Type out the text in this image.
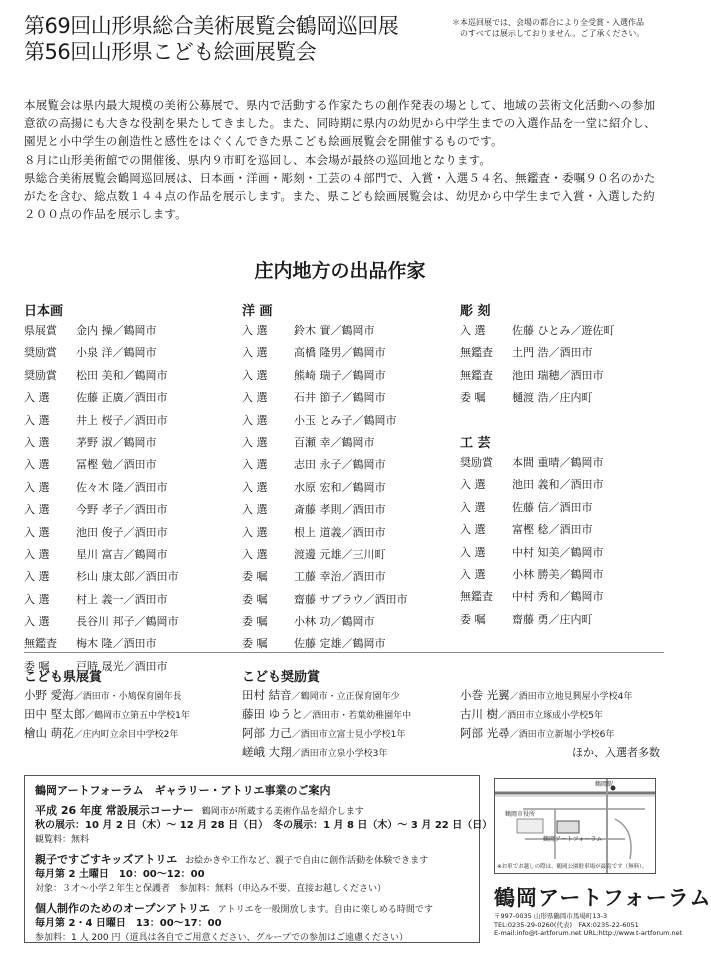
第69回山形県総合美術展覧会鶴岡巡回展
第56回山形県こども絵画展覧会
＊本巡回展では、会場の都合により全受賞・入選作品
　のすべては展示しておりません。ご了承ください。

本展覧会は県内最大規模の美術公募展で、県内で活動する作家たちの創作発表の場として、地域の芸術文化活動への参加意欲の高揚にも大きな役割を果たしてきました。また、同時期に県内の幼児から中学生までの入選作品を一堂に紹介し、園児と小中学生の創造性と感性をはぐくんできた県こども絵画展覧会を開催するものです。

８月に山形美術館での開催後、県内９市町を巡回し、本会場が最終の巡回地となります。

県総合美術展覧会鶴岡巡回展は、日本画・洋画・彫刻・工芸の４部門で、入賞・入選５４名、無鑑査・委嘱９０名のかたがたを含む、総点数１４４点の作品を展示します。また、県こども絵画展覧会は、幼児から中学生まで入賞・入選した約２００点の作品を展示します。

庄内地方の出品作家
日本画
県展賞 金内 操／鶴岡市
奨励賞 小泉 洋／鶴岡市
奨励賞 松田 美和／鶴岡市
入 選 佐藤 正廣／酒田市
入 選 井上 桜子／酒田市
入 選 茅野 淑／鶴岡市
入 選 冨樫 勉／酒田市
入 選 佐々木 隆／酒田市
入 選 今野 孝子／酒田市
入 選 池田 俊子／酒田市
入 選 星川 富吉／鶴岡市
入 選 杉山 康太郎／酒田市
入 選 村上 義一／酒田市
入 選 長谷川 邦子／鶴岡市
無鑑査 梅木 隆／酒田市
委 嘱 戸時 晟光／酒田市
洋 画
入 選 鈴木 實／鶴岡市
入 選 高橋 隆男／鶴岡市
入 選 熊崎 瑞子／鶴岡市
入 選 石井 節子／鶴岡市
入 選 小玉 とみ子／鶴岡市
入 選 百瀬 幸／鶴岡市
入 選 志田 永子／鶴岡市
入 選 水原 宏和／鶴岡市
入 選 斎藤 孝則／酒田市
入 選 根上 道義／酒田市
入 選 渡邊 元雄／三川町
委 嘱 工藤 幸治／酒田市
委 嘱 齋藤 サブラウ／酒田市
委 嘱 小林 功／鶴岡市
委 嘱 佐藤 定雄／鶴岡市
彫 刻
入 選 佐藤 ひとみ／遊佐町
無鑑査 土門 浩／酒田市
無鑑査 池田 瑞穂／酒田市
委 嘱 樋渡 浩／庄内町
工 芸
奨励賞 本間 重晴／鶴岡市
入 選 池田 義和／酒田市
入 選 佐藤 信／酒田市
入 選 富樫 稔／酒田市
入 選 中村 知美／鶴岡市
入 選 小林 勝美／鶴岡市
無鑑査 中村 秀和／鶴岡市
委 嘱 齋藤 勇／庄内町
こども県展賞
小野 愛海／酒田市・小鳩保育園年長
田中 堅太郎／鶴岡市立第五中学校1年
檜山 萌花／庄内町立余目中学校2年
こども奨励賞
田村 結音／鶴岡市・立正保育園年少
藤田 ゆうと／酒田市・若葉幼稚園年中
阿部 力己／酒田市立富士見小学校1年
嵯峨 大翔／酒田市立泉小学校3年
小巻 光翼／酒田市立地見興屋小学校4年
古川 樹／酒田市立琢成小学校5年
阿部 光尋／酒田市立新堀小学校6年
ほか、入選者多数
鶴岡アートフォーラム　ギャラリー・アトリエ事業のご案内
平成 26 年度 常設展示コーナー 鶴岡市が所蔵する美術作品を紹介します
秋の展示：10 月 2 日（木）～ 12 月 28 日（日）　冬の展示：1 月 8 日（木）～ 3 月 22 日（日）
観覧料：無料
親子ですごすキッズアトリエ お絵かきや工作など、親子で自由に創作活動を体験できます
毎月第 2 土曜日　10：00～12：00
対象：３才～小学２年生と保護者　参加料：無料（申込み不要、直接お越しください）
個人制作のためのオープンアトリエ アトリエを一般開放します。自由に楽しめる時間です
毎月第 2・4 日曜日　13：00～17：00
参加料：1 人 200 円（道具は各自でご用意ください、グループでの参加はご遠慮ください）
鶴岡駅
鶴岡アートフォーラム
鶴岡市役所
※お車でお越しの際は、鶴岡公園駐車場が最寄です（無料）。
鶴岡アートフォーラム
〒997-0035 山形県鶴岡市馬場町13-3
TEL:0235-29-0260(代表)　FAX:0235-22-6051
E-mail:info@t-artforum.net URL:http://www.t-artforum.net
